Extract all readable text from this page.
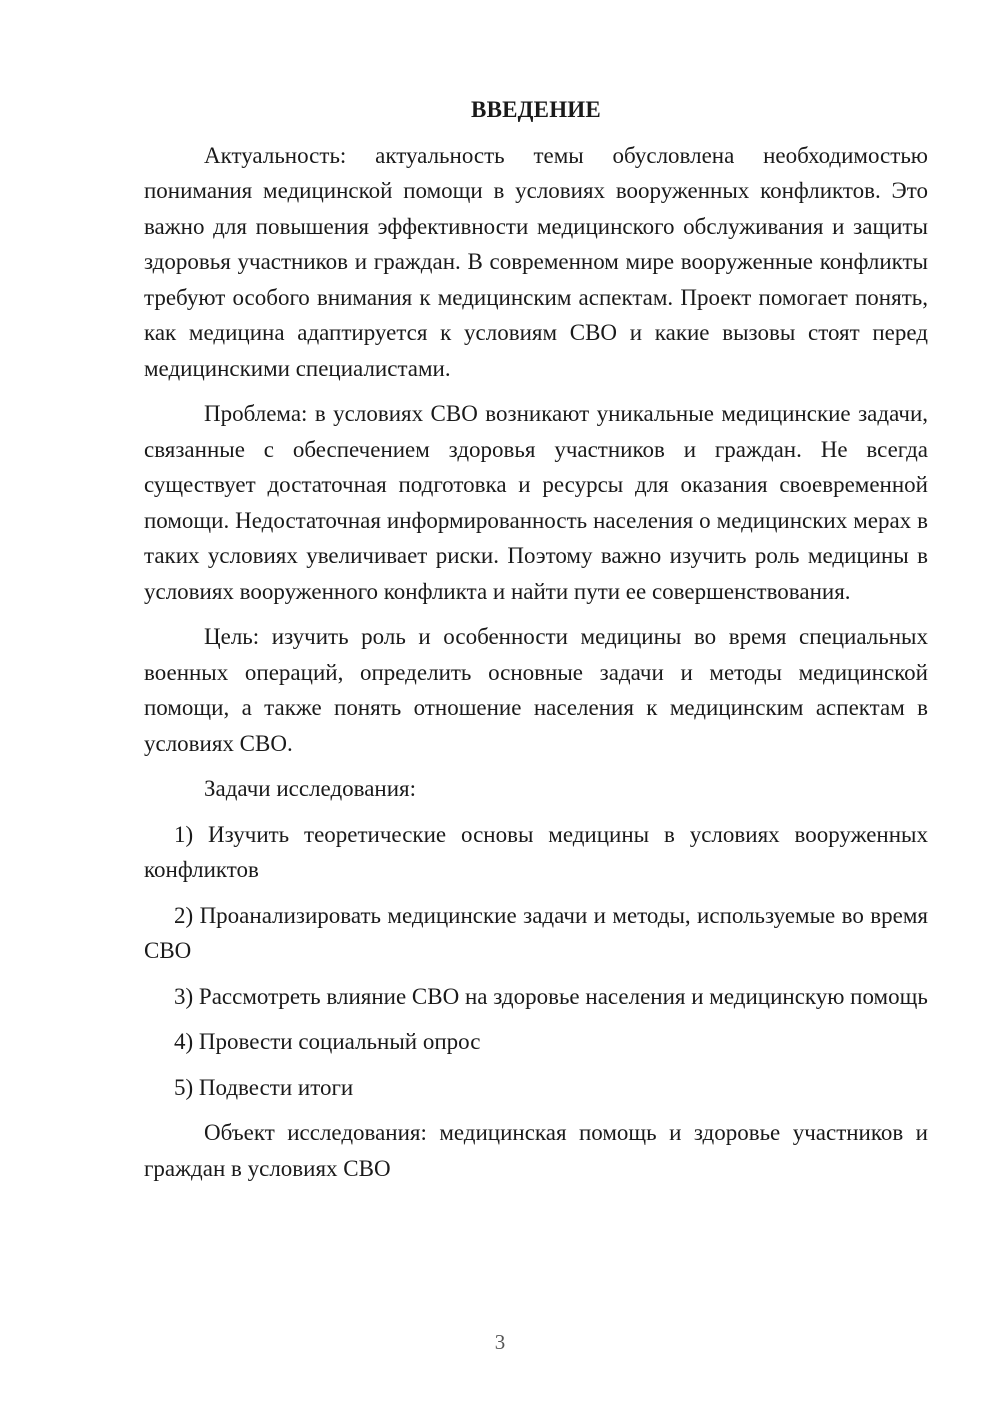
ВВЕДЕНИЕ

Актуальность: актуальность темы обусловлена необходимостью понимания медицинской помощи в условиях вооруженных конфликтов. Это важно для повышения эффективности медицинского обслуживания и защиты здоровья участников и граждан. В современном мире вооруженные конфликты требуют особого внимания к медицинским аспектам. Проект помогает понять, как медицина адаптируется к условиям СВО и какие вызовы стоят перед медицинскими специалистами.

Проблема: в условиях СВО возникают уникальные медицинские задачи, связанные с обеспечением здоровья участников и граждан. Не всегда существует достаточная подготовка и ресурсы для оказания своевременной помощи. Недостаточная информированность населения о медицинских мерах в таких условиях увеличивает риски. Поэтому важно изучить роль медицины в условиях вооруженного конфликта и найти пути ее совершенствования.

Цель: изучить роль и особенности медицины во время специальных военных операций, определить основные задачи и методы медицинской помощи, а также понять отношение населения к медицинским аспектам в условиях СВО.

Задачи исследования:

1) Изучить теоретические основы медицины в условиях вооруженных конфликтов

2) Проанализировать медицинские задачи и методы, используемые во время СВО

3) Рассмотреть влияние СВО на здоровье населения и медицинскую помощь

4) Провести социальный опрос

5) Подвести итоги

Объект исследования: медицинская помощь и здоровье участников и граждан в условиях СВО

3
